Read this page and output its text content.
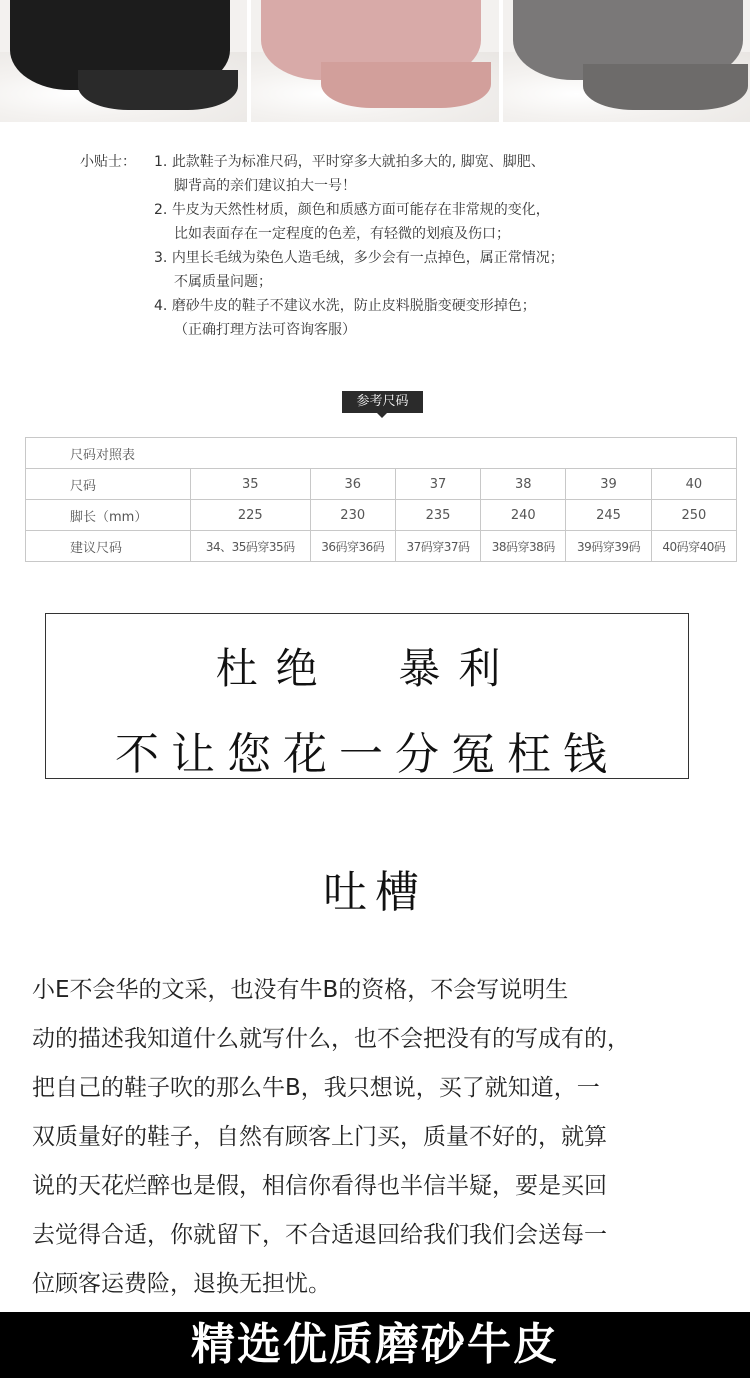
小贴士：	1. 此款鞋子为标准尺码，平时穿多大就拍多大的, 脚宽、脚肥、
脚背高的亲们建议拍大一号！
2. 牛皮为天然性材质，颜色和质感方面可能存在非常规的变化，
比如表面存在一定程度的色差，有轻微的划痕及伤口；
3. 内里长毛绒为染色人造毛绒，多少会有一点掉色，属正常情况；
不属质量问题；
4. 磨砂牛皮的鞋子不建议水洗，防止皮料脱脂变硬变形掉色；
（正确打理方法可咨询客服）
参考尺码
尺码对照表						
尺码	35	36	37	38	39	40
脚长（mm）	225	230	235	240	245	250
建议尺码	34、35码穿35码	36码穿36码	37码穿37码	38码穿38码	39码穿39码	40码穿40码
杜绝  暴利
不让您花一分冤枉钱
吐槽
小E不会华的文采，也没有牛B的资格，不会写说明生
动的描述我知道什么就写什么，也不会把没有的写成有的，
把自己的鞋子吹的那么牛B，我只想说，买了就知道，一
双质量好的鞋子，自然有顾客上门买，质量不好的，就算
说的天花烂醉也是假，相信你看得也半信半疑，要是买回
去觉得合适，你就留下，不合适退回给我们我们会送每一
位顾客运费险，退换无担忧。
精选优质磨砂牛皮
